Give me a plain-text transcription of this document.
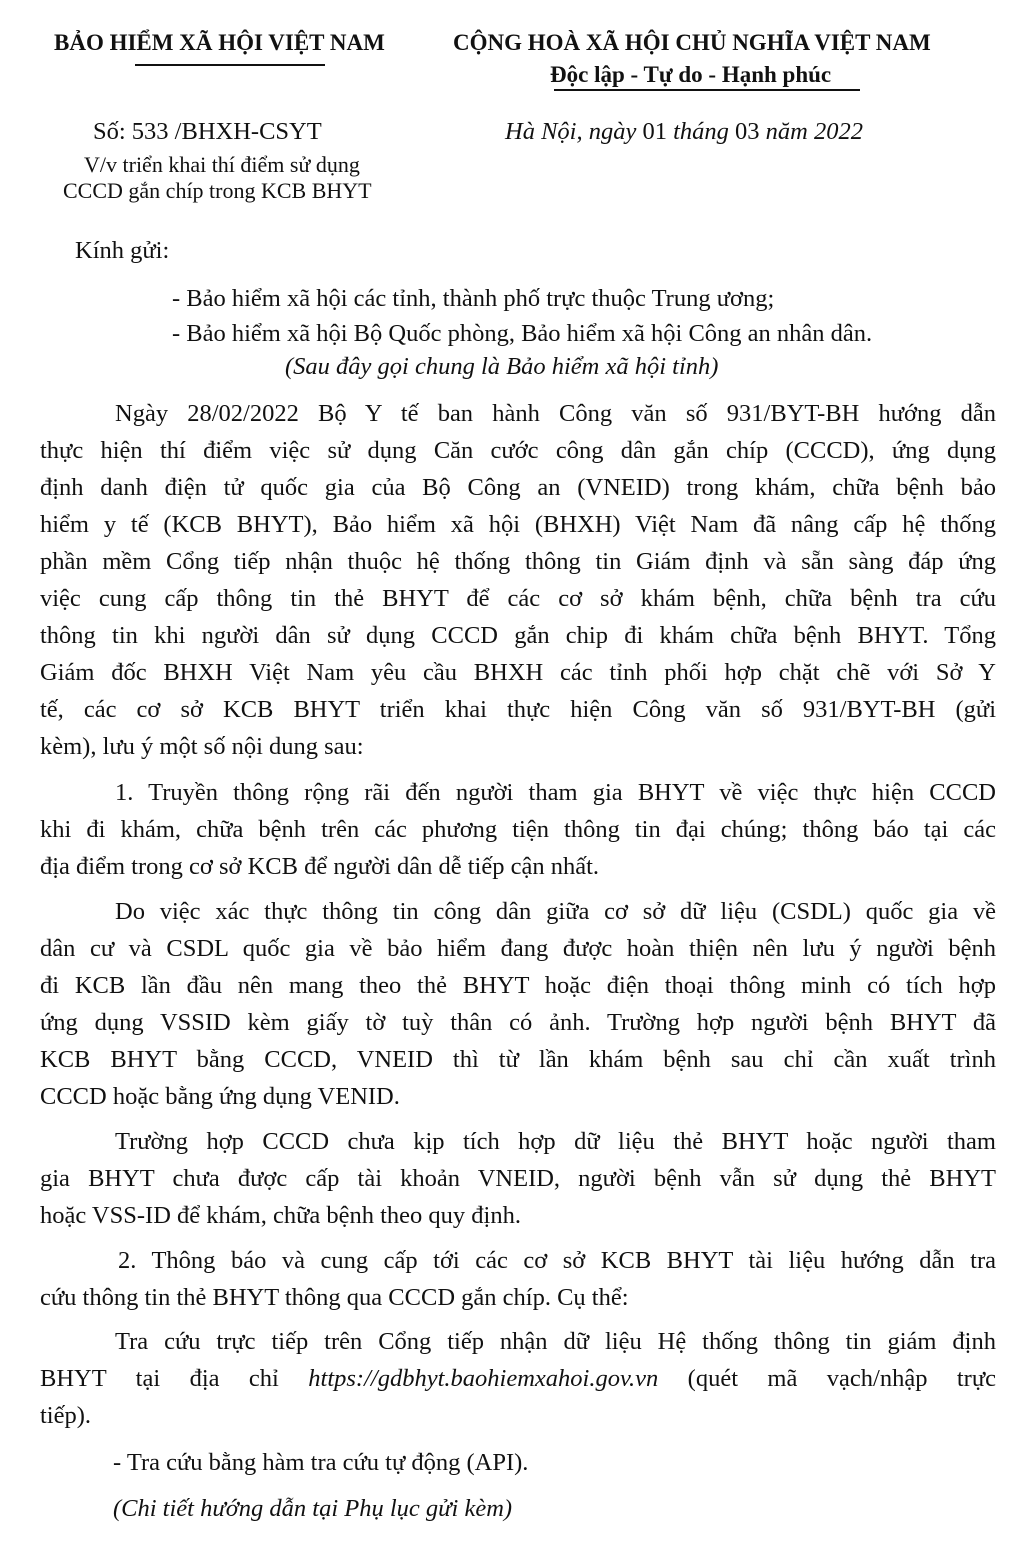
BẢO HIỂM XÃ HỘI VIỆT NAM	CỘNG HOÀ XÃ HỘI CHỦ NGHĨA VIỆT NAM
Độc lập - Tự do - Hạnh phúc
Số: 533 /BHXH-CSYT
V/v triển khai thí điểm sử dụng
CCCD gắn chíp trong KCB BHYT
Hà Nội, ngày 01 tháng 03 năm 2022
Kính gửi:
- Bảo hiểm xã hội các tỉnh, thành phố trực thuộc Trung ương;
- Bảo hiểm xã hội Bộ Quốc phòng, Bảo hiểm xã hội Công an nhân dân.
(Sau đây gọi chung là Bảo hiểm xã hội tỉnh)
Ngày 28/02/2022 Bộ Y tế ban hành Công văn số 931/BYT-BH hướng dẫn
thực hiện thí điểm việc sử dụng Căn cước công dân gắn chíp (CCCD), ứng dụng
định danh điện tử quốc gia của Bộ Công an (VNEID) trong khám, chữa bệnh bảo
hiểm y tế (KCB BHYT), Bảo hiểm xã hội (BHXH) Việt Nam đã nâng cấp hệ thống
phần mềm Cổng tiếp nhận thuộc hệ thống thông tin Giám định và sẵn sàng đáp ứng
việc cung cấp thông tin thẻ BHYT để các cơ sở khám bệnh, chữa bệnh tra cứu
thông tin khi người dân sử dụng CCCD gắn chip đi khám chữa bệnh BHYT. Tổng
Giám đốc BHXH Việt Nam yêu cầu BHXH các tỉnh phối hợp chặt chẽ với Sở Y
tế, các cơ sở KCB BHYT triển khai thực hiện Công văn số 931/BYT-BH (gửi
kèm), lưu ý một số nội dung sau:
1. Truyền thông rộng rãi đến người tham gia BHYT về việc thực hiện CCCD
khi đi khám, chữa bệnh trên các phương tiện thông tin đại chúng; thông báo tại các
địa điểm trong cơ sở KCB để người dân dễ tiếp cận nhất.
Do việc xác thực thông tin công dân giữa cơ sở dữ liệu (CSDL) quốc gia về
dân cư và CSDL quốc gia về bảo hiểm đang được hoàn thiện nên lưu ý người bệnh
đi KCB lần đầu nên mang theo thẻ BHYT hoặc điện thoại thông minh có tích hợp
ứng dụng VSSID kèm giấy tờ tuỳ thân có ảnh. Trường hợp người bệnh BHYT đã
KCB BHYT bằng CCCD, VNEID thì từ lần khám bệnh sau chỉ cần xuất trình
CCCD hoặc bằng ứng dụng VENID.
Trường hợp CCCD chưa kịp tích hợp dữ liệu thẻ BHYT hoặc người tham
gia BHYT chưa được cấp tài khoản VNEID, người bệnh vẫn sử dụng thẻ BHYT
hoặc VSS-ID để khám, chữa bệnh theo quy định.
2. Thông báo và cung cấp tới các cơ sở KCB BHYT tài liệu hướng dẫn tra
cứu thông tin thẻ BHYT thông qua CCCD gắn chíp. Cụ thể:
Tra cứu trực tiếp trên Cổng tiếp nhận dữ liệu Hệ thống thông tin giám định
BHYT tại địa chỉ https://gdbhyt.baohiemxahoi.gov.vn (quét mã vạch/nhập trực
tiếp).
- Tra cứu bằng hàm tra cứu tự động (API).
(Chi tiết hướng dẫn tại Phụ lục gửi kèm)
